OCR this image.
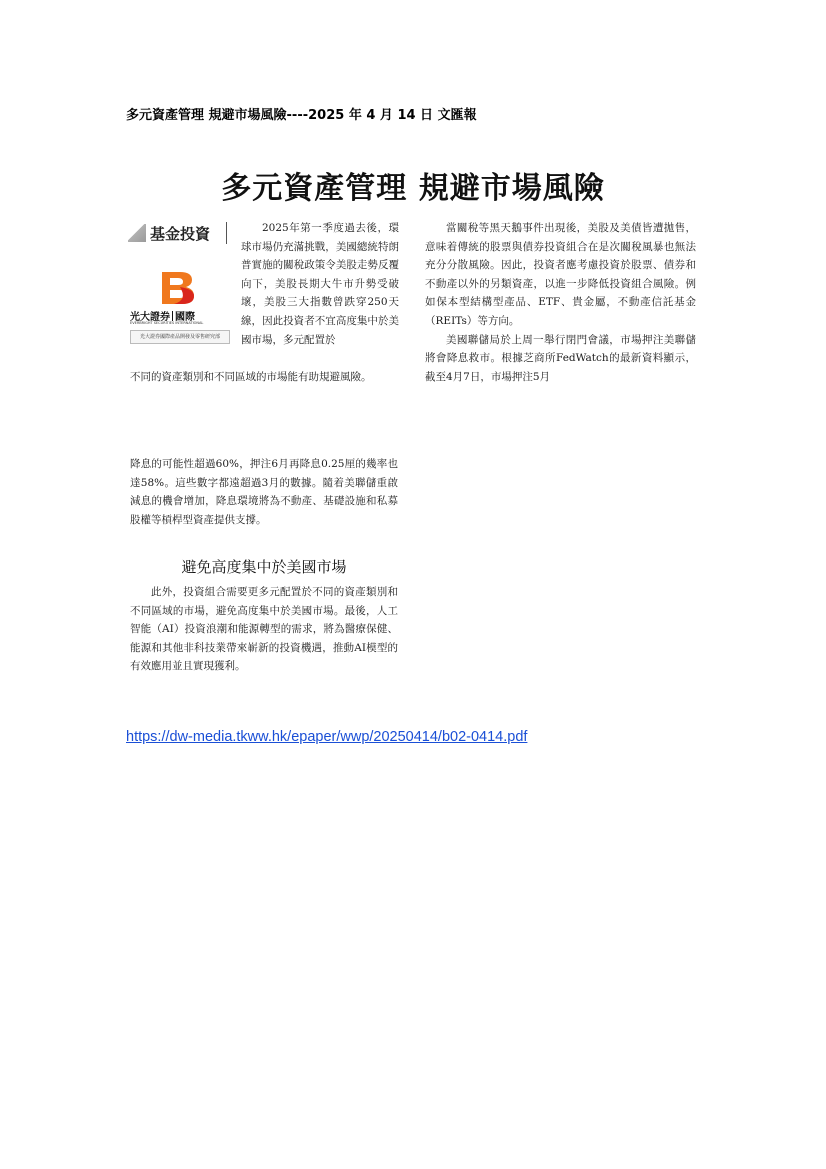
多元資產管理 規避市場風險----2025 年 4 月 14 日 文匯報
多元資產管理 規避市場風險
基金投資
光大證券 國際
EVERBRIGHT SECURITIES INTERNATIONAL
光大證券國際產品開發及零售研究部

2025年第一季度過去後，環球市場仍充滿挑戰，美國總統特朗普實施的關稅政策令美股走勢反覆向下，美股長期大牛市升勢受破壞，美股三大指數曾跌穿250天線，因此投資者不宜高度集中於美國市場，多元配置於

不同的資產類別和不同區域的市場能有助規避風險。

當關稅等黑天鵝事件出現後，美股及美債皆遭拋售，意味着傳統的股票與債券投資組合在是次關稅風暴也無法充分分散風險。因此，投資者應考慮投資於股票、債券和不動產以外的另類資產，以進一步降低投資組合風險。例如保本型結構型產品、ETF、貴金屬，不動產信託基金（REITs）等方向。

美國聯儲局於上周一舉行閉門會議，市場押注美聯儲將會降息救市。根據芝商所FedWatch的最新資料顯示，截至4月7日，市場押注5月

降息的可能性超過60%，押注6月再降息0.25厘的幾率也達58%。這些數字都遠超過3月的數據。隨着美聯儲重啟減息的機會增加，降息環境將為不動產、基礎設施和私募股權等槓桿型資產提供支撐。

避免高度集中於美國市場

此外，投資組合需要更多元配置於不同的資產類別和不同區域的市場，避免高度集中於美國市場。最後，人工智能（AI）投資浪潮和能源轉型的需求，將為醫療保健、能源和其他非科技業帶來嶄新的投資機遇，推動AI模型的有效應用並且實現獲利。

https://dw-media.tkww.hk/epaper/wwp/20250414/b02-0414.pdf
